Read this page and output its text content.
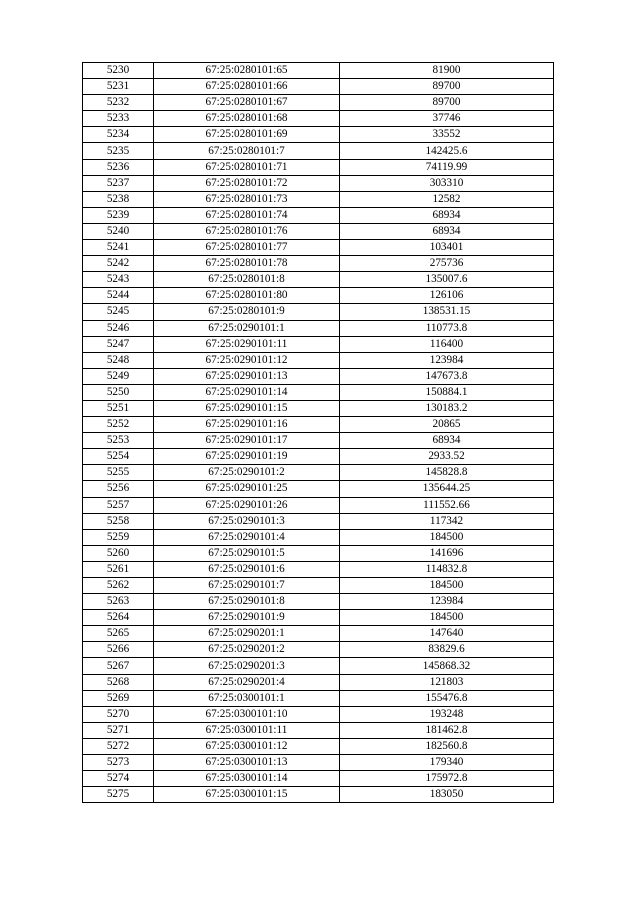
5230	67:25:0280101:65	81900
5231	67:25:0280101:66	89700
5232	67:25:0280101:67	89700
5233	67:25:0280101:68	37746
5234	67:25:0280101:69	33552
5235	67:25:0280101:7	142425.6
5236	67:25:0280101:71	74119.99
5237	67:25:0280101:72	303310
5238	67:25:0280101:73	12582
5239	67:25:0280101:74	68934
5240	67:25:0280101:76	68934
5241	67:25:0280101:77	103401
5242	67:25:0280101:78	275736
5243	67:25:0280101:8	135007.6
5244	67:25:0280101:80	126106
5245	67:25:0280101:9	138531.15
5246	67:25:0290101:1	110773.8
5247	67:25:0290101:11	116400
5248	67:25:0290101:12	123984
5249	67:25:0290101:13	147673.8
5250	67:25:0290101:14	150884.1
5251	67:25:0290101:15	130183.2
5252	67:25:0290101:16	20865
5253	67:25:0290101:17	68934
5254	67:25:0290101:19	2933.52
5255	67:25:0290101:2	145828.8
5256	67:25:0290101:25	135644.25
5257	67:25:0290101:26	111552.66
5258	67:25:0290101:3	117342
5259	67:25:0290101:4	184500
5260	67:25:0290101:5	141696
5261	67:25:0290101:6	114832.8
5262	67:25:0290101:7	184500
5263	67:25:0290101:8	123984
5264	67:25:0290101:9	184500
5265	67:25:0290201:1	147640
5266	67:25:0290201:2	83829.6
5267	67:25:0290201:3	145868.32
5268	67:25:0290201:4	121803
5269	67:25:0300101:1	155476.8
5270	67:25:0300101:10	193248
5271	67:25:0300101:11	181462.8
5272	67:25:0300101:12	182560.8
5273	67:25:0300101:13	179340
5274	67:25:0300101:14	175972.8
5275	67:25:0300101:15	183050
